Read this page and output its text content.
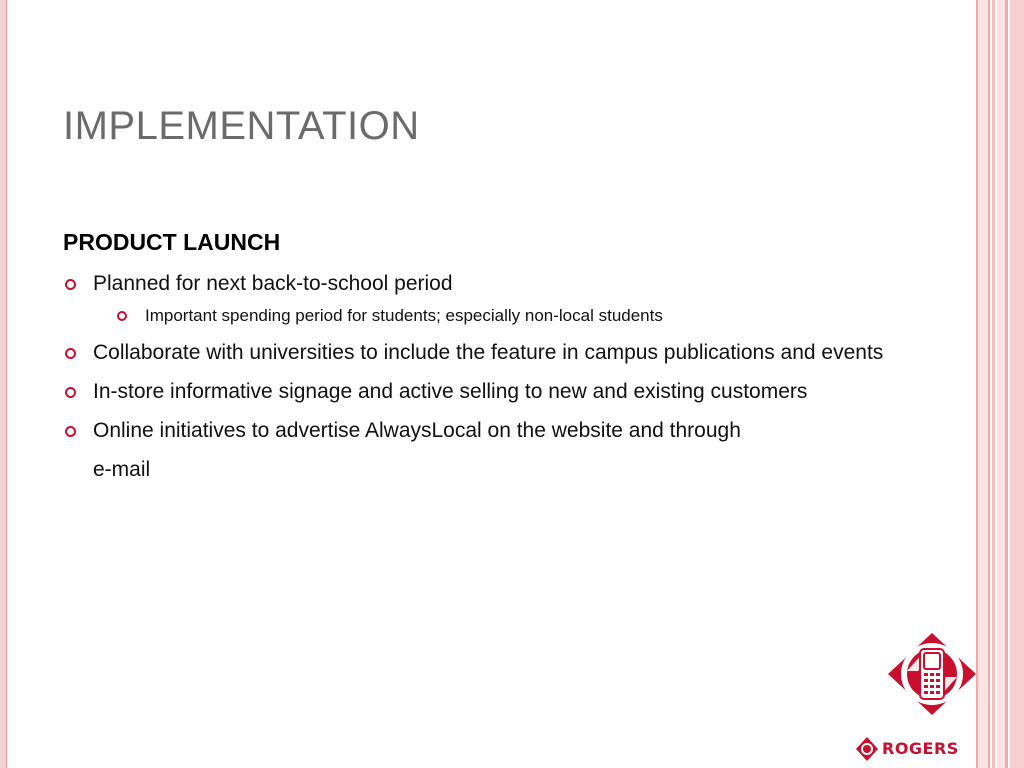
IMPLEMENTATION
PRODUCT LAUNCH
Planned for next back-to-school period
Important spending period for students; especially non-local students
Collaborate with universities to include the feature in campus publications and events
In-store informative signage and active selling to new and existing customers
Online initiatives to advertise AlwaysLocal on the website and through
e-mail
ROGERS
